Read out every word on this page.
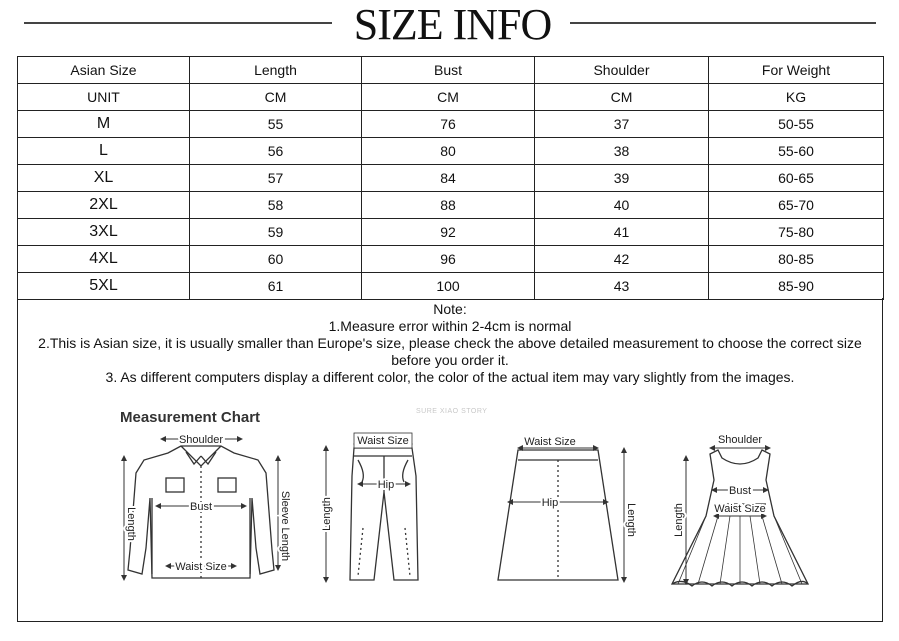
SIZE INFO
Asian Size	Length	Bust	Shoulder	For Weight
UNIT	CM	CM	CM	KG
M	55	76	37	50-55
L	56	80	38	55-60
XL	57	84	39	60-65
2XL	58	88	40	65-70
3XL	59	92	41	75-80
4XL	60	96	42	80-85
5XL	61	100	43	85-90
Note:
1.Measure error within 2-4cm is normal
2.This is Asian size, it is usually smaller than Europe's size, please check the above detailed measurement to choose the correct size before you order it.
3. As different computers display a different color, the color of the actual item may vary slightly from the images.
Measurement Chart	SURE XIAO STORY
Shoulder
Bust
Waist Size
Length	Sleeve Length
Waist Size
Hip
Length
Waist Size
Hip
Length
Shoulder
Bust
Waist Size
Length
